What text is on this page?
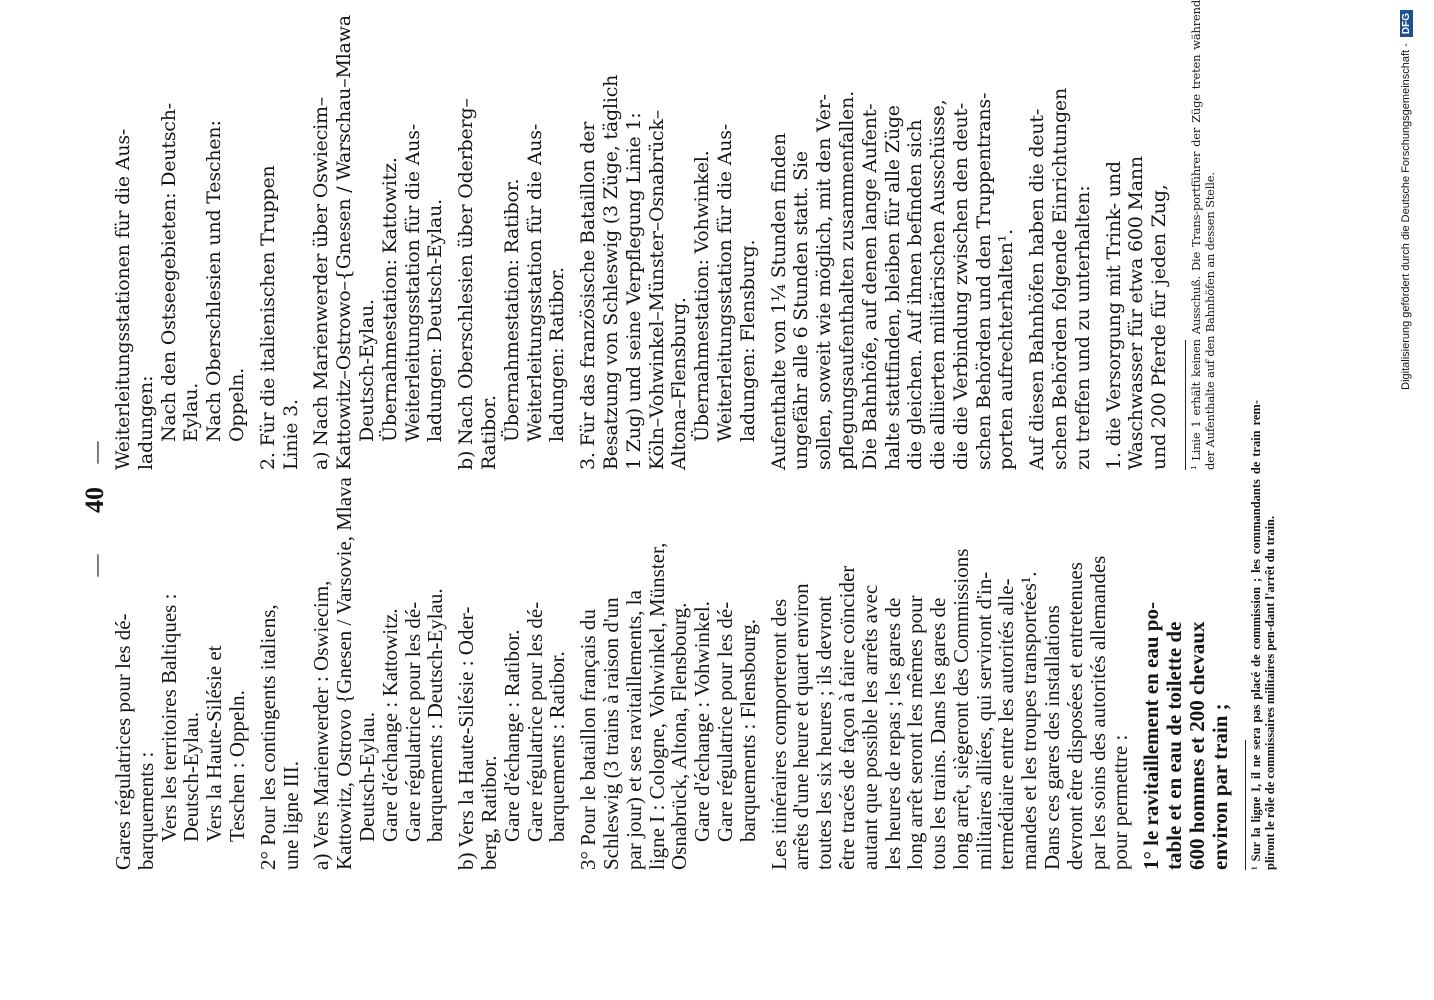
— 40 —

Gares régulatrices pour les dé-
barquements :

Vers les territoires Baltiques :
Deutsch-Eylau.

Vers la Haute-Silésie et
Teschen : Oppeln.

2° Pour les contingents italiens,
une ligne III.

a) Vers Marienwerder : Oswiecim,
Kattowitz, Ostrovo {Gnesen / Varsovie, Mlava

Deutsch-Eylau.

Gare d'échange : Kattowitz.
Gare régulatrice pour les dé-
barquements : Deutsch-Eylau.

b) Vers la Haute-Silésie : Oder-
berg, Ratibor.

Gare d'échange : Ratibor.
Gare régulatrice pour les dé-
barquements : Ratibor.

3° Pour le bataillon français du
Schleswig (3 trains à raison d'un
par jour) et ses ravitaillements, la
ligne I : Cologne, Vohwinkel, Münster,
Osnabrück, Altona, Flensbourg.

Gare d'échange : Vohwinkel.
Gare régulatrice pour les dé-
barquements : Flensbourg.

Les itinéraires comporteront des
arrêts d'une heure et quart environ
toutes les six heures ; ils devront
être tracés de façon à faire coïncider
autant que possible les arrêts avec
les heures de repas ; les gares de
long arrêt seront les mêmes pour
tous les trains. Dans les gares de
long arrêt, siègeront des Commissions
militaires alliées, qui serviront d'in-
termédiaire entre les autorités alle-
mandes et les troupes transportées¹.

Dans ces gares des installations
devront être disposées et entretenues
par les soins des autorités allemandes
pour permettre :

1° le ravitaillement en eau po-
table et en eau de toilette de
600 hommes et 200 chevaux
environ par train ; ¹ Sur la ligne I, il ne sera pas placé de commission ; les commandants de train rem-pliront le rôle de commissaires militaires pen-dant l'arrêt du train.

Weiterleitungsstationen für die Aus-
ladungen: Nach den Ostseegebieten: Deutsch-
Eylau. Nach Oberschlesien und Teschen:
Oppeln.

2. Für die italienischen Truppen
Linie 3.

a) Nach Marienwerder über Oswiecim–
Kattowitz–Ostrowo–{Gnesen / Warschau–Mlawa

Deutsch-Eylau.
Übernahmestation: Kattowitz.
Weiterleitungsstation für die Aus-
ladungen: Deutsch-Eylau.

b) Nach Oberschlesien über Oderberg–
Ratibor. Übernahmestation: Ratibor.
Weiterleitungsstation für die Aus-
ladungen: Ratibor.

3. Für das französische Bataillon der
Besatzung von Schleswig (3 Züge, täglich
1 Zug) und seine Verpflegung Linie 1:
Köln–Vohwinkel–Münster–Osnabrück–
Altona–Flensburg. Übernahmestation: Vohwinkel.
Weiterleitungsstation für die Aus-
ladungen: Flensburg.

Aufenthalte von 1¼ Stunden finden
ungefähr alle 6 Stunden statt. Sie
sollen, soweit wie möglich, mit den Ver-
pflegungsaufenthalten zusammenfallen.
Die Bahnhöfe, auf denen lange Aufent-
halte stattfinden, bleiben für alle Züge
die gleichen. Auf ihnen befinden sich
die alliierten militärischen Ausschüsse,
die die Verbindung zwischen den deut-
schen Behörden und den Truppentrans-
porten aufrechterhalten¹.

Auf diesen Bahnhöfen haben die deut-
schen Behörden folgende Einrichtungen
zu treffen und zu unterhalten:

1. die Versorgung mit Trink- und
Waschwasser für etwa 600 Mann
und 200 Pferde für jeden Zug, ¹ Linie 1 erhält keinen Ausschuß. Die Trans-portführer der Züge treten während der Aufenthalte auf den Bahnhöfen an dessen Stelle.	Digitalisierung gefördert durch die Deutsche Forschungsgemeinschaft - DFG
